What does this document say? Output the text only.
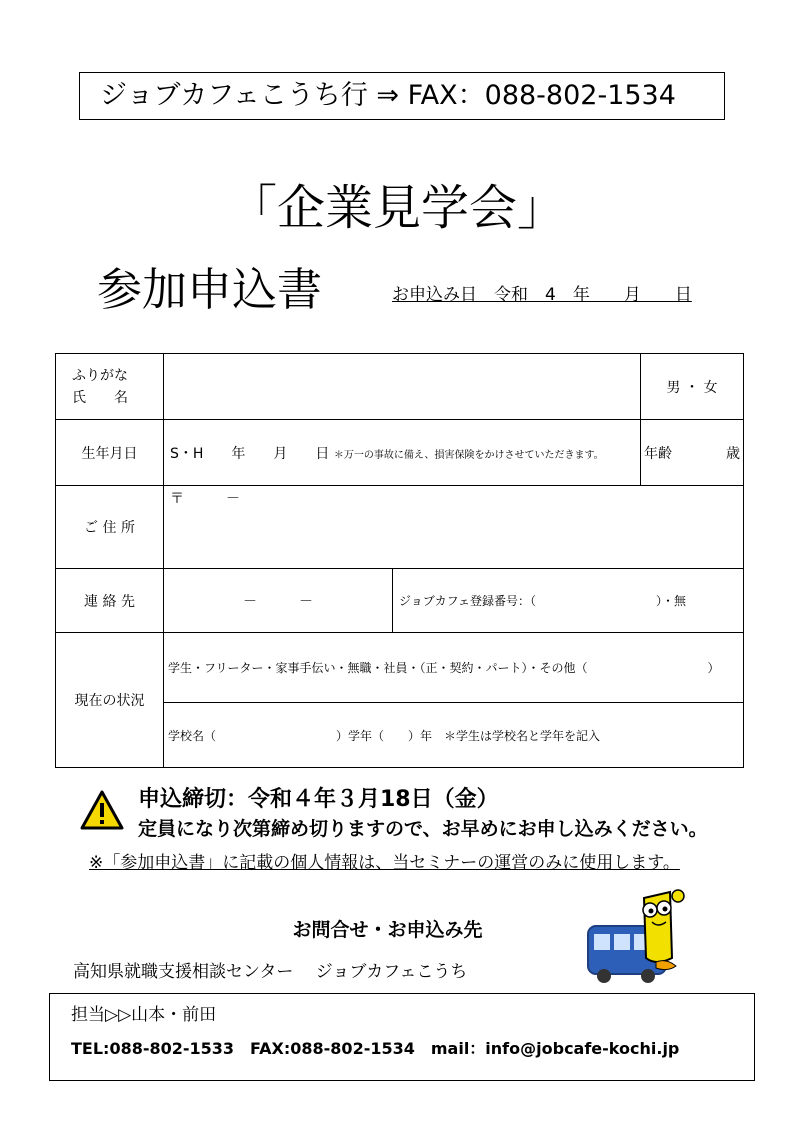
ジョブカフェこうち行 ⇒ FAX：088-802-1534
「企業見学会」
参加申込書	お申込み日　令和　4　年　　月　　日
ふりがな
氏　　名			男 ・ 女
生年月日	S・H　　年　　月　　日 ＊万一の事故に備え、損害保険をかけさせていただきます。		年齢 歳

ご 住 所	〒　　　－		
連 絡 先	－　　　－	ジョブカフェ登録番号：（　　　　　　　　　　）・無	
現在の状況	学生・フリーター・家事手伝い・無職・社員・（正・契約・パート）・その他（　　　　　　　　　　）		
	学校名（　　　　　　　　　　）学年（　　）年　＊学生は学校名と学年を記入		
申込締切：令和４年３月18日（金）
定員になり次第締め切りますので、お早めにお申し込みください。
※「参加申込書」に記載の個人情報は、当セミナーの運営のみに使用します。
お問合せ・お申込み先
高知県就職支援相談センター　 ジョブカフェこうち
担当▷▷山本・前田
TEL:088-802-1533　FAX:088-802-1534　mail：info@jobcafe-kochi.jp
